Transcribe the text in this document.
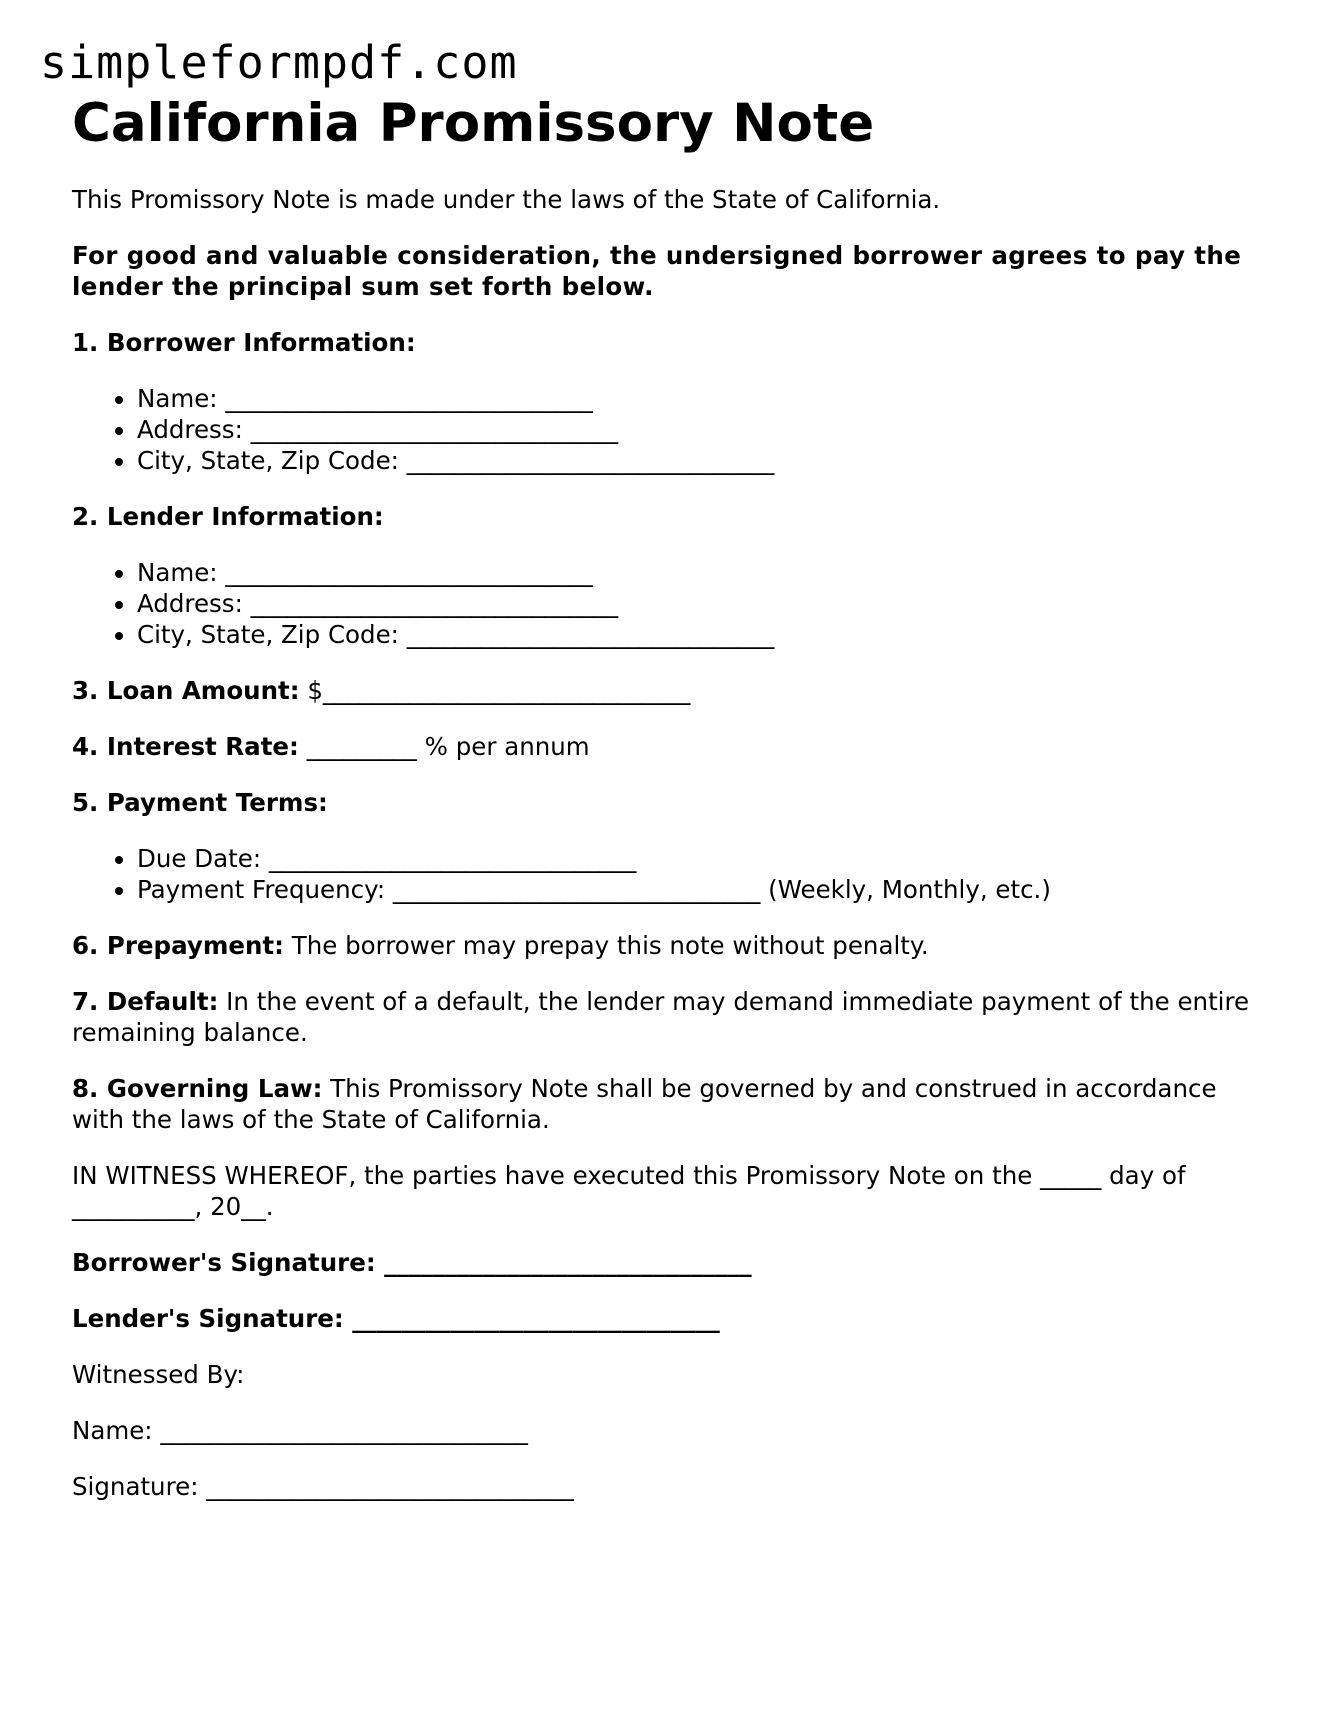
simpleformpdf.com
California Promissory Note

This Promissory Note is made under the laws of the State of California.

For good and valuable consideration, the undersigned borrower agrees to pay the lender the principal sum set forth below.

1. Borrower Information:

• Name: ______________________________
• Address: ______________________________
• City, State, Zip Code: ______________________________

2. Lender Information:

• Name: ______________________________
• Address: ______________________________
• City, State, Zip Code: ______________________________

3. Loan Amount: $______________________________

4. Interest Rate: _________ % per annum

5. Payment Terms:

• Due Date: ______________________________
• Payment Frequency: ______________________________ (Weekly, Monthly, etc.)

6. Prepayment: The borrower may prepay this note without penalty.

7. Default: In the event of a default, the lender may demand immediate payment of the entire remaining balance.

8. Governing Law: This Promissory Note shall be governed by and construed in accordance with the laws of the State of California.

IN WITNESS WHEREOF, the parties have executed this Promissory Note on the _____ day of __________, 20__.

Borrower's Signature: ______________________________

Lender's Signature: ______________________________

Witnessed By:

Name: ______________________________

Signature: ______________________________
